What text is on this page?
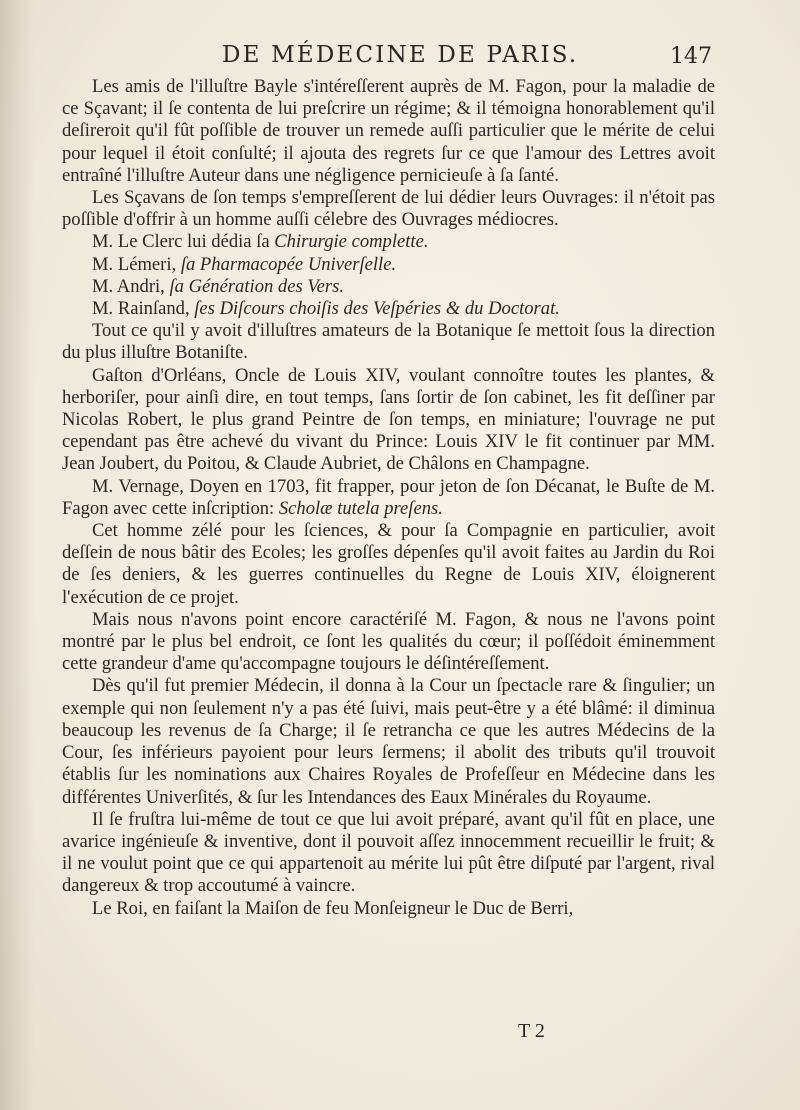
DE MÉDECINE DE PARIS.	147

Les amis de l'illuſtre Bayle s'intéreſſerent auprès de M. Fagon, pour la maladie de ce Sçavant; il ſe contenta de lui preſcrire un régime; & il témoigna honorablement qu'il deſireroit qu'il fût poſſible de trouver un remede auſſi particulier que le mérite de celui pour lequel il étoit conſulté; il ajouta des regrets ſur ce que l'amour des Lettres avoit entraîné l'illuſtre Auteur dans une négligence pernicieuſe à ſa ſanté.

Les Sçavans de ſon temps s'empreſſerent de lui dédier leurs Ouvrages: il n'étoit pas poſſible d'offrir à un homme auſſi célebre des Ouvrages médiocres.

M. Le Clerc lui dédia ſa Chirurgie complette.

M. Lémeri, ſa Pharmacopée Univerſelle.

M. Andri, ſa Génération des Vers.

M. Rainſand, ſes Diſcours choiſis des Veſpéries & du Doctorat.

Tout ce qu'il y avoit d'illuſtres amateurs de la Botanique ſe mettoit ſous la direction du plus illuſtre Botaniſte.

Gaſton d'Orléans, Oncle de Louis XIV, voulant connoître toutes les plantes, & herboriſer, pour ainſi dire, en tout temps, ſans ſortir de ſon cabinet, les fit deſſiner par Nicolas Robert, le plus grand Peintre de ſon temps, en miniature; l'ouvrage ne put cependant pas être achevé du vivant du Prince: Louis XIV le fit continuer par MM. Jean Joubert, du Poitou, & Claude Aubriet, de Châlons en Champagne.

M. Vernage, Doyen en 1703, fit frapper, pour jeton de ſon Décanat, le Buſte de M. Fagon avec cette inſcription: Scholæ tutela preſens.

Cet homme zélé pour les ſciences, & pour ſa Compagnie en particulier, avoit deſſein de nous bâtir des Ecoles; les groſſes dépenſes qu'il avoit faites au Jardin du Roi de ſes deniers, & les guerres continuelles du Regne de Louis XIV, éloignerent l'exécution de ce projet.

Mais nous n'avons point encore caractériſé M. Fagon, & nous ne l'avons point montré par le plus bel endroit, ce ſont les qualités du cœur; il poſſédoit éminemment cette grandeur d'ame qu'accompagne toujours le déſintéreſſement.

Dès qu'il fut premier Médecin, il donna à la Cour un ſpectacle rare & ſingulier; un exemple qui non ſeulement n'y a pas été ſuivi, mais peut-être y a été blâmé: il diminua beaucoup les revenus de ſa Charge; il ſe retrancha ce que les autres Médecins de la Cour, ſes inférieurs payoient pour leurs ſermens; il abolit des tributs qu'il trouvoit établis ſur les nominations aux Chaires Royales de Profeſſeur en Médecine dans les différentes Univerſités, & ſur les Intendances des Eaux Minérales du Royaume.

Il ſe fruſtra lui-même de tout ce que lui avoit préparé, avant qu'il fût en place, une avarice ingénieuſe & inventive, dont il pouvoit aſſez innocemment recueillir le fruit; & il ne voulut point que ce qui appartenoit au mérite lui pût être diſputé par l'argent, rival dangereux & trop accoutumé à vaincre.

Le Roi, en faiſant la Maiſon de feu Monſeigneur le Duc de Berri,

T 2
